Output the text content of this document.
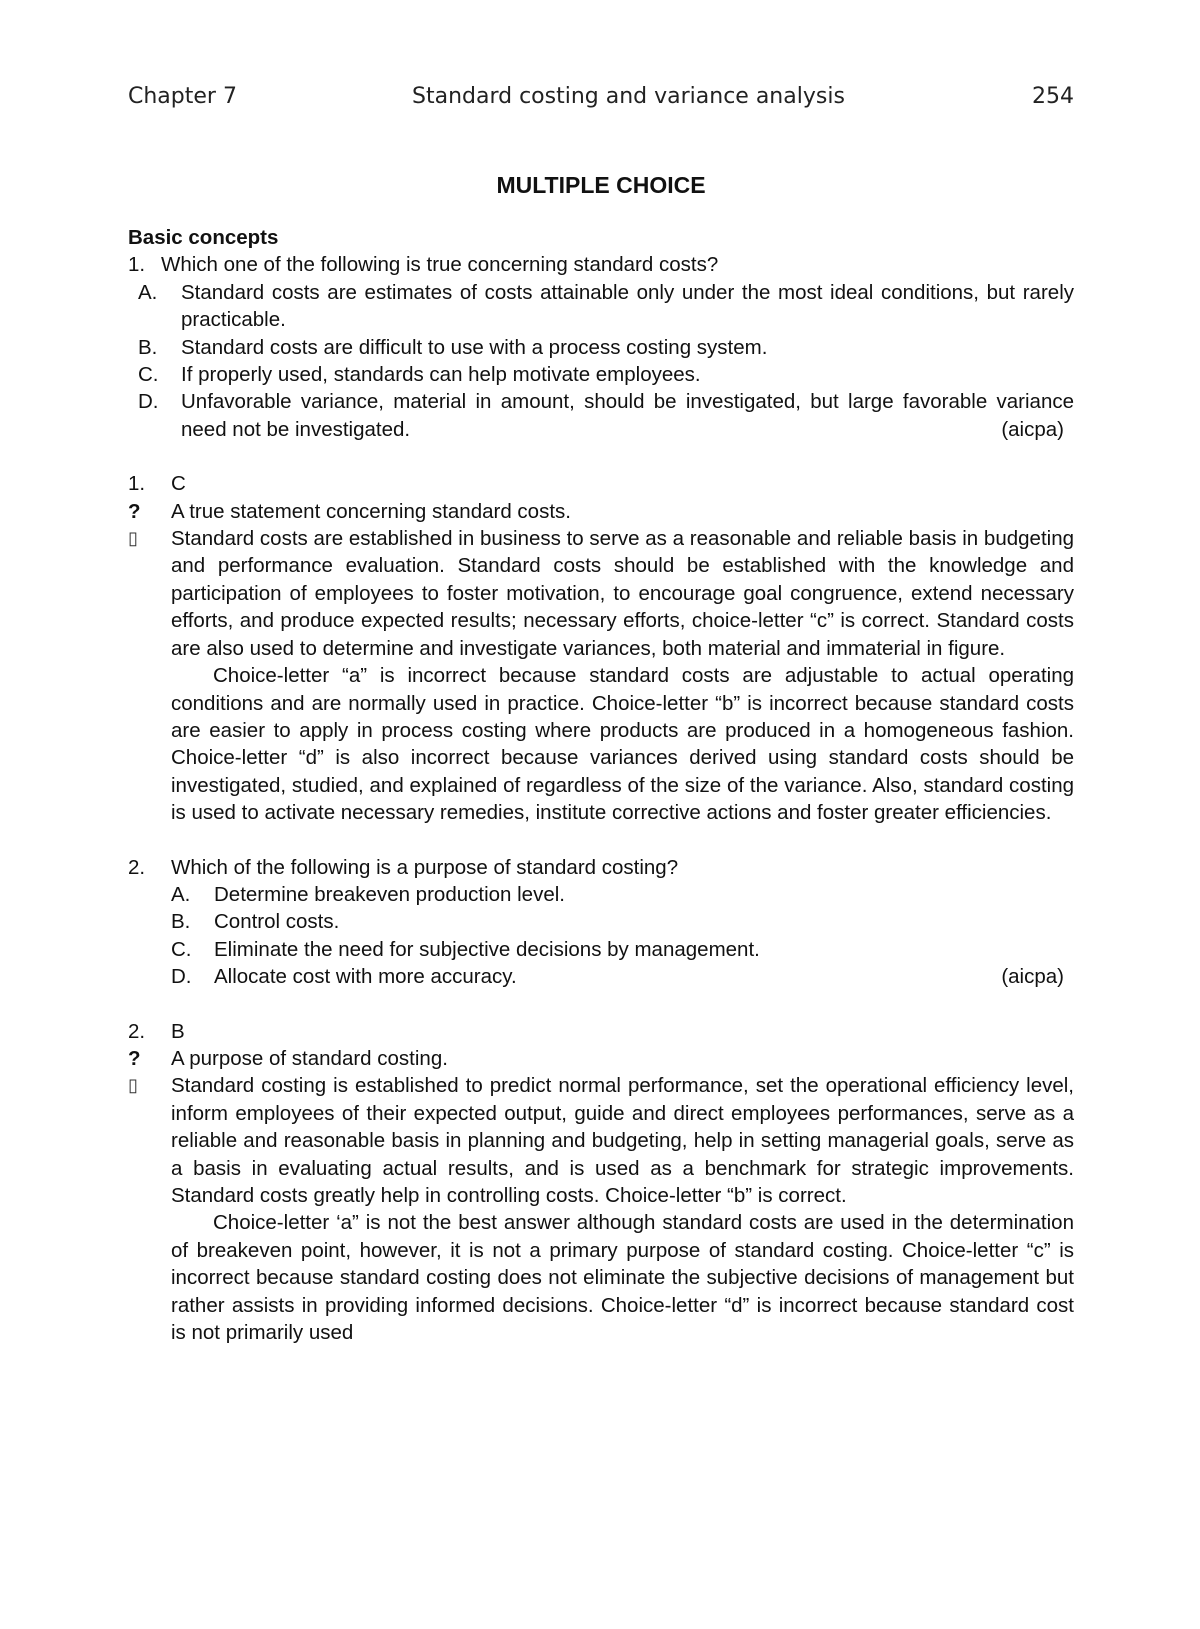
Chapter 7	Standard costing and variance analysis	254
MULTIPLE CHOICE
Basic concepts
1. Which one of the following is true concerning standard costs?
A. Standard costs are estimates of costs attainable only under the most ideal conditions, but rarely practicable.
B. Standard costs are difficult to use with a process costing system.
C. If properly used, standards can help motivate employees.
D. Unfavorable variance, material in amount, should be investigated, but large favorable variance need not be investigated.	(aicpa)
1. C
? A true statement concerning standard costs.
▯ Standard costs are established in business to serve as a reasonable and reliable basis in budgeting and performance evaluation. Standard costs should be established with the knowledge and participation of employees to foster motivation, to encourage goal congruence, extend necessary efforts, and produce expected results; necessary efforts, choice-letter “c” is correct. Standard costs are also used to determine and investigate variances, both material and immaterial in figure.

Choice-letter “a” is incorrect because standard costs are adjustable to actual operating conditions and are normally used in practice. Choice-letter “b” is incorrect because standard costs are easier to apply in process costing where products are produced in a homogeneous fashion. Choice-letter “d” is also incorrect because variances derived using standard costs should be investigated, studied, and explained of regardless of the size of the variance. Also, standard costing is used to activate necessary remedies, institute corrective actions and foster greater efficiencies.

2. Which of the following is a purpose of standard costing?
A. Determine breakeven production level.
B. Control costs.
C. Eliminate the need for subjective decisions by management.
D. Allocate cost with more accuracy.	(aicpa)
2. B
? A purpose of standard costing.
▯ Standard costing is established to predict normal performance, set the operational efficiency level, inform employees of their expected output, guide and direct employees performances, serve as a reliable and reasonable basis in planning and budgeting, help in setting managerial goals, serve as a basis in evaluating actual results, and is used as a benchmark for strategic improvements. Standard costs greatly help in controlling costs. Choice-letter “b” is correct.

Choice-letter ‘a” is not the best answer although standard costs are used in the determination of breakeven point, however, it is not a primary purpose of standard costing. Choice-letter “c” is incorrect because standard costing does not eliminate the subjective decisions of management but rather assists in providing informed decisions. Choice-letter “d” is incorrect because standard cost is not primarily used
